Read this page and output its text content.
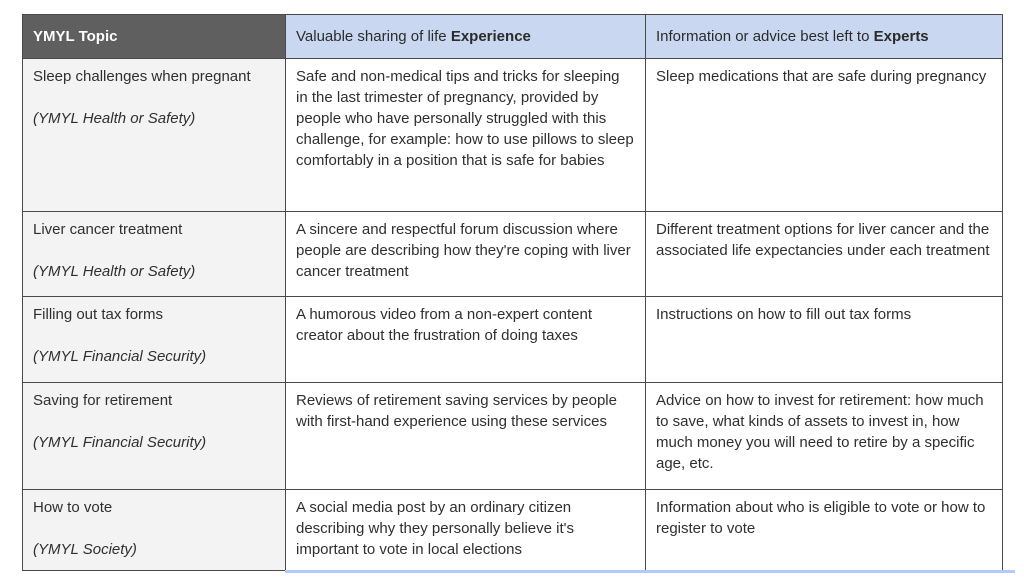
YMYL Topic	Valuable sharing of life Experience	Information or advice best left to Experts

Sleep challenges when pregnant
(YMYL Health or Safety)	Safe and non-medical tips and tricks for sleeping in the last trimester of pregnancy, provided by people who have personally struggled with this challenge, for example: how to use pillows to sleep comfortably in a position that is safe for babies	Sleep medications that are safe during pregnancy

Liver cancer treatment
(YMYL Health or Safety)	A sincere and respectful forum discussion where people are describing how they're coping with liver cancer treatment	Different treatment options for liver cancer and the associated life expectancies under each treatment

Filling out tax forms
(YMYL Financial Security)	A humorous video from a non-expert content creator about the frustration of doing taxes	Instructions on how to fill out tax forms

Saving for retirement
(YMYL Financial Security)	Reviews of retirement saving services by people with first-hand experience using these services	Advice on how to invest for retirement: how much to save, what kinds of assets to invest in, how much money you will need to retire by a specific age, etc.

How to vote
(YMYL Society)	A social media post by an ordinary citizen describing why they personally believe it's important to vote in local elections	Information about who is eligible to vote or how to register to vote
